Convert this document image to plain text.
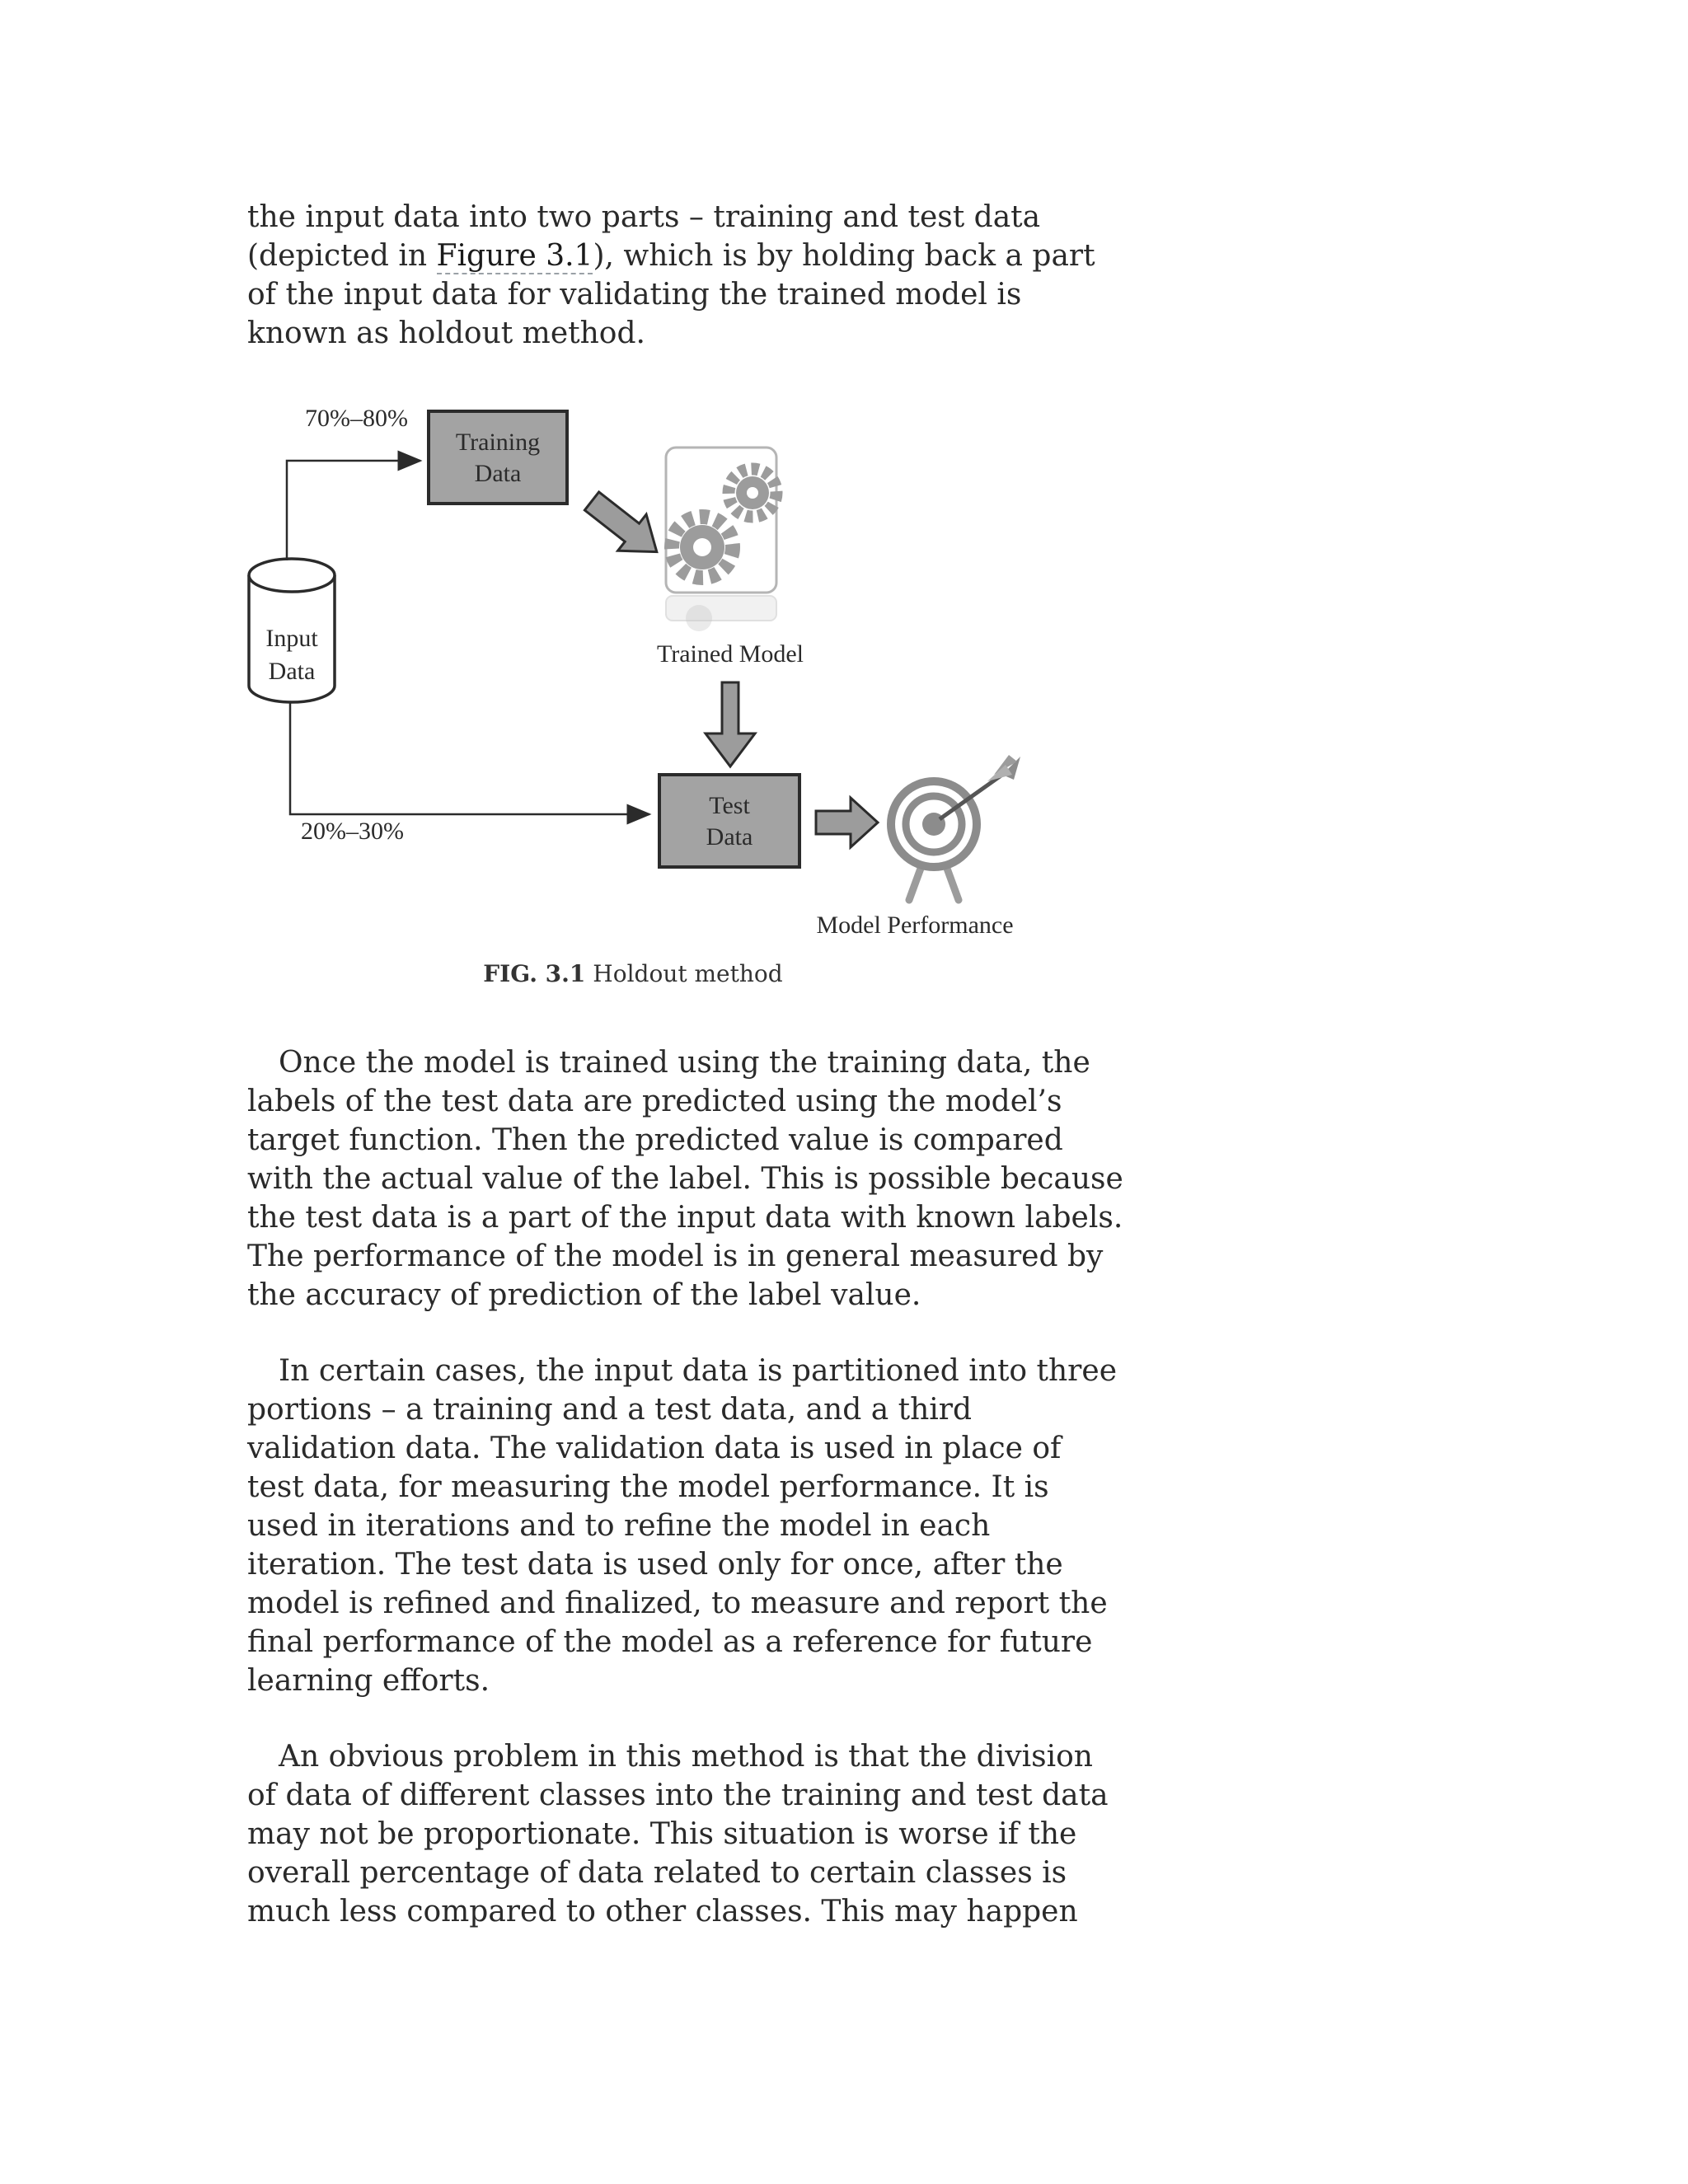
the input data into two parts – training and test data
(depicted in Figure 3.1), which is by holding back a part
of the input data for validating the trained model is
known as holdout method.

Input
Data
70%–80%
20%–30%
Training
Data
Trained Model
Test
Data
Model Performance
FIG. 3.1 Holdout method

Once the model is trained using the training data, the
labels of the test data are predicted using the model’s
target function. Then the predicted value is compared
with the actual value of the label. This is possible because
the test data is a part of the input data with known labels.
The performance of the model is in general measured by
the accuracy of prediction of the label value.

In certain cases, the input data is partitioned into three
portions – a training and a test data, and a third
validation data. The validation data is used in place of
test data, for measuring the model performance. It is
used in iterations and to refine the model in each
iteration. The test data is used only for once, after the
model is refined and finalized, to measure and report the
final performance of the model as a reference for future
learning efforts.

An obvious problem in this method is that the division
of data of different classes into the training and test data
may not be proportionate. This situation is worse if the
overall percentage of data related to certain classes is
much less compared to other classes. This may happen
